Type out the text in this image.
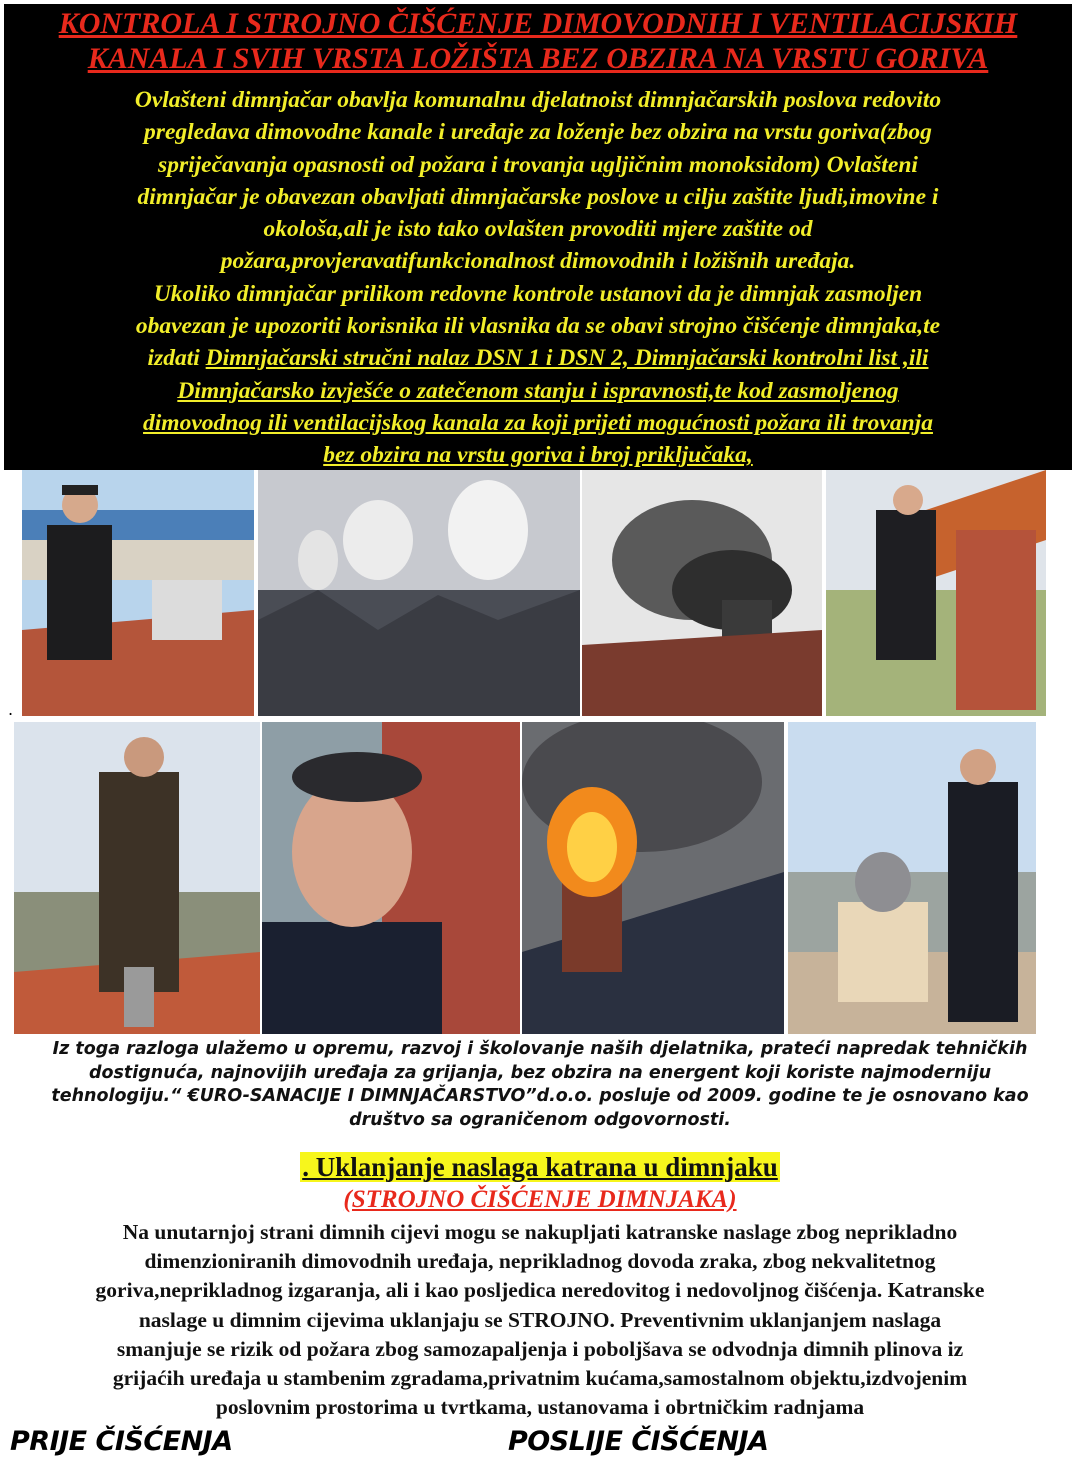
KONTROLA I STROJNO ČIŠĆENJE DIMOVODNIH I VENTILACIJSKIH
KANALA I SVIH VRSTA LOŽIŠTA BEZ OBZIRA NA VRSTU GORIVA
Ovlašteni dimnjačar obavlja komunalnu djelatnoist dimnjačarskih poslova redovito
pregledava dimovodne kanale i uređaje za loženje bez obzira na vrstu goriva(zbog
spriječavanja opasnosti od požara i trovanja ugljičnim monoksidom) Ovlašteni
dimnjačar je obavezan obavljati dimnjačarske poslove u cilju zaštite ljudi,imovine i
okološa,ali je isto tako ovlašten provoditi mjere zaštite od
požara,provjeravatifunkcionalnost dimovodnih i ložišnih uređaja.
Ukoliko dimnjačar prilikom redovne kontrole ustanovi da je dimnjak zasmoljen
obavezan je upozoriti korisnika ili vlasnika da se obavi strojno čišćenje dimnjaka,te
izdati Dimnjačarski stručni nalaz DSN 1 i DSN 2, Dimnjačarski kontrolni list ,ili
Dimnjačarsko izvješće o zatečenom stanju i ispravnosti,te kod zasmoljenog
dimovodnog ili ventilacijskog kanala za koji prijeti mogućnosti požara ili trovanja
bez obzira na vrstu goriva i broj priključaka,
.
Iz toga razloga ulažemo u opremu, razvoj i školovanje naših djelatnika, prateći napredak tehničkih
dostignuća, najnovijih uređaja za grijanja, bez obzira na energent koji koriste najmoderniju
tehnologiju.“ €URO-SANACIJE I DIMNJAČARSTVO”d.o.o. posluje od 2009. godine te je osnovano kao
društvo sa ograničenom odgovornosti.
. Uklanjanje naslaga katrana u dimnjaku
(STROJNO ČIŠĆENJE DIMNJAKA)
Na unutarnjoj strani dimnih cijevi mogu se nakupljati katranske naslage zbog neprikladno
dimenzioniranih dimovodnih uređaja, neprikladnog dovoda zraka, zbog nekvalitetnog
goriva,neprikladnog izgaranja, ali i kao posljedica neredovitog i nedovoljnog čišćenja. Katranske
naslage u dimnim cijevima uklanjaju se STROJNO. Preventivnim uklanjanjem naslaga
smanjuje se rizik od požara zbog samozapaljenja i poboljšava se odvodnja dimnih plinova iz
grijaćih uređaja u stambenim zgradama,privatnim kućama,samostalnom objektu,izdvojenim
poslovnim prostorima u tvrtkama, ustanovama i obrtničkim radnjama
PRIJE ČIŠĆENJA	POSLIJE ČIŠĆENJA
